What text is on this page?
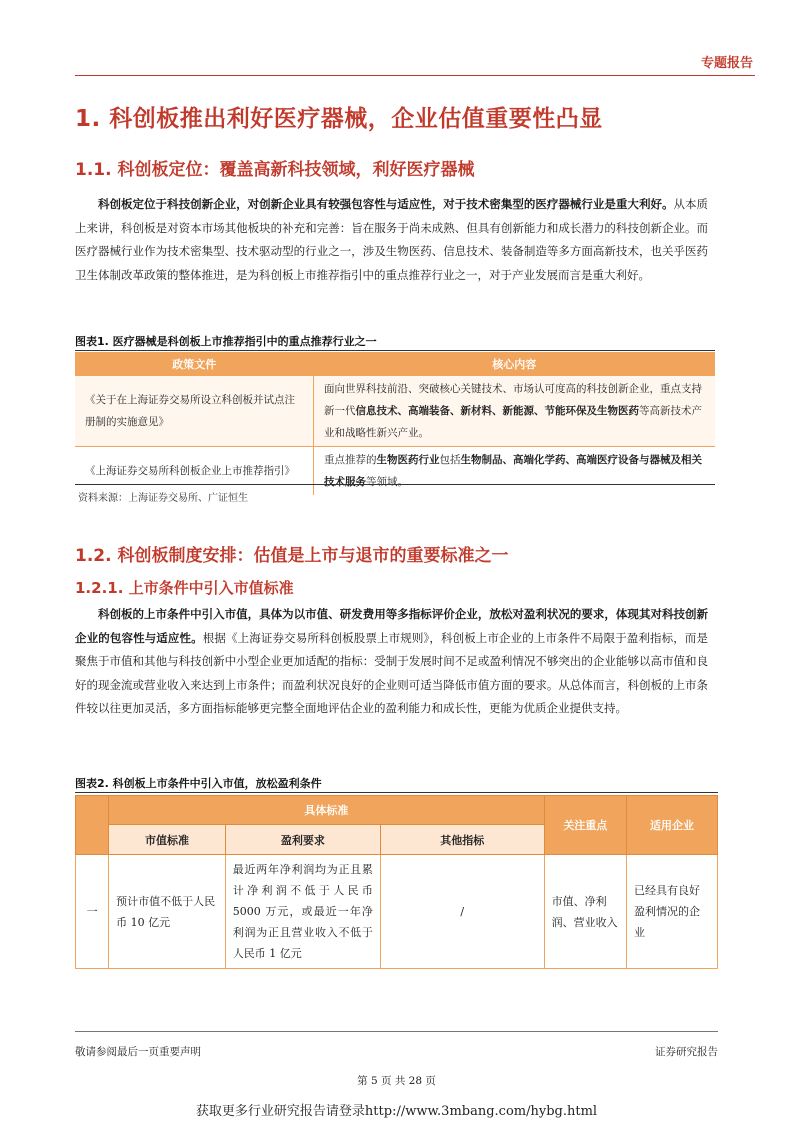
专题报告
1. 科创板推出利好医疗器械，企业估值重要性凸显
1.1. 科创板定位：覆盖高新科技领域，利好医疗器械
科创板定位于科技创新企业，对创新企业具有较强包容性与适应性，对于技术密集型的医疗器械行业是重大利好。从本质上来讲，科创板是对资本市场其他板块的补充和完善：旨在服务于尚未成熟、但具有创新能力和成长潜力的科技创新企业。而医疗器械行业作为技术密集型、技术驱动型的行业之一，涉及生物医药、信息技术、装备制造等多方面高新技术，也关乎医药卫生体制改革政策的整体推进，是为科创板上市推荐指引中的重点推荐行业之一，对于产业发展而言是重大利好。
图表1. 医疗器械是科创板上市推荐指引中的重点推荐行业之一
政策文件	核心内容
《关于在上海证券交易所设立科创板并试点注册制的实施意见》	面向世界科技前沿、突破核心关键技术、市场认可度高的科技创新企业，重点支持新一代信息技术、高端装备、新材料、新能源、节能环保及生物医药等高新技术产业和战略性新兴产业。
《上海证券交易所科创板企业上市推荐指引》	重点推荐的生物医药行业包括生物制品、高端化学药、高端医疗设备与器械及相关技术服务等领域。
资料来源：上海证券交易所、广证恒生
1.2. 科创板制度安排：估值是上市与退市的重要标准之一
1.2.1. 上市条件中引入市值标准
科创板的上市条件中引入市值，具体为以市值、研发费用等多指标评价企业，放松对盈利状况的要求，体现其对科技创新企业的包容性与适应性。根据《上海证券交易所科创板股票上市规则》，科创板上市企业的上市条件不局限于盈利指标，而是聚焦于市值和其他与科技创新中小型企业更加适配的指标：受制于发展时间不足或盈利情况不够突出的企业能够以高市值和良好的现金流或营业收入来达到上市条件；而盈利状况良好的企业则可适当降低市值方面的要求。从总体而言，科创板的上市条件较以往更加灵活，多方面指标能够更完整全面地评估企业的盈利能力和成长性，更能为优质企业提供支持。
图表2. 科创板上市条件中引入市值，放松盈利条件
	具体标准			关注重点	适用企业
	市值标准	盈利要求	其他指标		
一	预计市值不低于人民币 10 亿元	最近两年净利润均为正且累计净利润不低于人民币 5000 万元，或最近一年净利润为正且营业收入不低于人民币 1 亿元	/	市值、净利润、营业收入	已经具有良好盈利情况的企业
敬请参阅最后一页重要声明	证券研究报告
第 5 页 共 28 页
获取更多行业研究报告请登录http://www.3mbang.com/hybg.html
